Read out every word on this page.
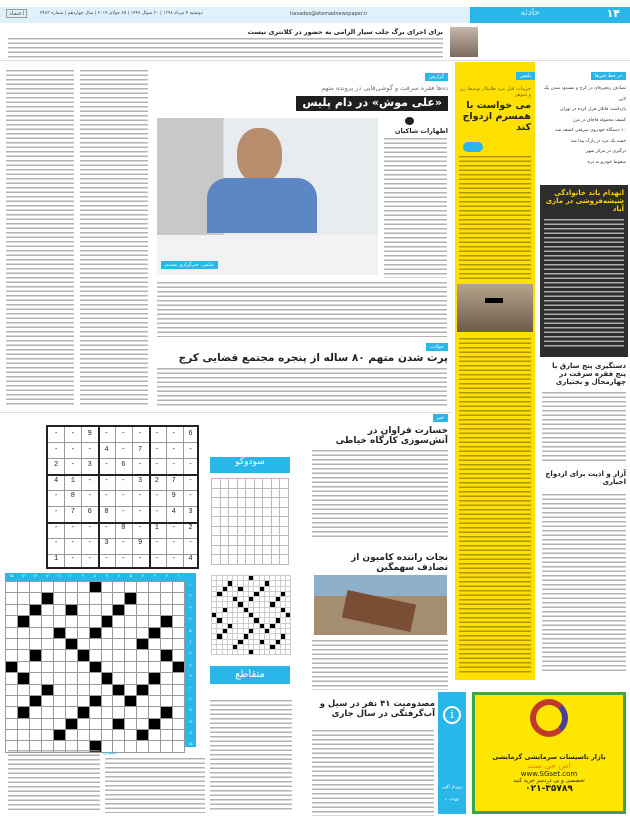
۱۴
حادثه
havades@etemadnewspaper.ir
دوشنبه ۴ مرداد ۱۳۹۸ | ۲۰ شوال ۱۴۴۷ | ۲۵ جولای ۲۰۱۹ | سال چهاردهم | شماره ۴۴۸۳
اعتماد
برای اجرای برگ جلب سیار الزامی به حضور در کلانتری نیست
در خط خبرها
تصادف زنجیره‌ای در کرج و مسدود شدن یک لاین
بازداشت قاتلان فرار کرده در تهران
کشف محموله قاچاق در مرز
۱۰ دستگاه خودروی سرقتی کشف شد
جسد یک مرد در پارک پیدا شد
درگیری در مرکز شهر
سقوط خودرو به دره
انهدام باند خانوادگی شیشه‌فروشی در مازی آباد
دستگیری پنج سارق با پنج فقره سرقت در چهارمحال و بختیاری
آزار و اذیت برای ازدواج اجباری
پلیس
جزییات قتل مرد طلبکار توسط زن و شوهر
می خواست با همسرم ازدواج کند
گزارش
ده‌ها فقره سرقت و گوشی‌قاپی در پرونده متهم
«علی موش» در دام پلیس
عکس: خبرگزاری تسنیم
اظهارات شاکیان
حوادث
پرت شدن متهم ۸۰ ساله از پنجره مجتمع قضایی کرج
--9-----6
---4-7---
2-3-6----
41---327-
-8-----9-
-768---43
----8-1-2
---3-9---
1-------4
سودوکو

خبر
خسارت فراوان در آتش‌سوزی کارگاه خیاطی
نجات راننده کامیون از تصادف سهمگین
مصدومیت ۴۱ نفر در سیل و آب‌گرفتگی در سال جاری
۱۵	۱۴	۱۳	۱۲	۱۱	۱۰	۹	۸	۷	۶	۵	۴	۳	۲	۱
۱
۲
۳
۴
۵
۶
۷
۸
۹
۱۰
۱۱
۱۲
۱۳
۱۴
۱۵

متقاطع
عمودی
i
رپورتاژ آگهی
۲۰-۴۹۵۳
بازار تاسیسات سرمایشی گرمایشی
اس جی ست
www.SGset.com
تخصصی و بی دردسر خرید کنید
۰۲۱-۳۵۷۸۹
